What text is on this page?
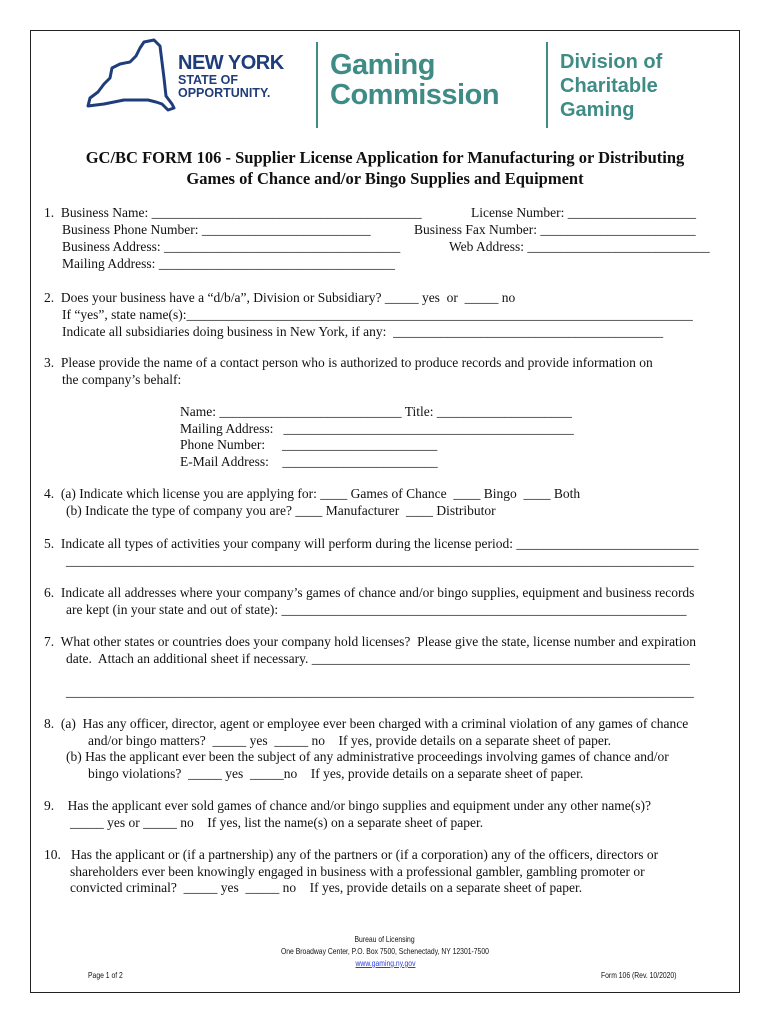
NEW YORK
STATE OF
OPPORTUNITY.
Gaming
Commission
Division of
Charitable
Gaming
GC/BC FORM 106 - Supplier License Application for Manufacturing or Distributing
Games of Chance and/or Bingo Supplies and Equipment
1.  Business Name: ________________________________________	License Number: ___________________
Business Phone Number: _________________________	Business Fax Number: _______________________
Business Address: ___________________________________	Web Address: ___________________________
Mailing Address: ___________________________________
2.  Does your business have a “d/b/a”, Division or Subsidiary? _____ yes  or  _____ no
If “yes”, state name(s):___________________________________________________________________________
Indicate all subsidiaries doing business in New York, if any:  ________________________________________
3.  Please provide the name of a contact person who is authorized to produce records and provide information on
the company’s behalf:
Name: ___________________________ Title: ____________________
Mailing Address:   ___________________________________________
Phone Number:     _______________________
E-Mail Address:    _______________________
4.  (a) Indicate which license you are applying for: ____ Games of Chance  ____ Bingo  ____ Both
(b) Indicate the type of company you are? ____ Manufacturer  ____ Distributor
5.  Indicate all types of activities your company will perform during the license period: ___________________________
_____________________________________________________________________________________________
6.  Indicate all addresses where your company’s games of chance and/or bingo supplies, equipment and business records
are kept (in your state and out of state): ____________________________________________________________
7.  What other states or countries does your company hold licenses?  Please give the state, license number and expiration
date.  Attach an additional sheet if necessary. ________________________________________________________
_____________________________________________________________________________________________
8.  (a)  Has any officer, director, agent or employee ever been charged with a criminal violation of any games of chance
and/or bingo matters?  _____ yes  _____ no    If yes, provide details on a separate sheet of paper.
(b) Has the applicant ever been the subject of any administrative proceedings involving games of chance and/or
bingo violations?  _____ yes  _____no    If yes, provide details on a separate sheet of paper.
9.    Has the applicant ever sold games of chance and/or bingo supplies and equipment under any other name(s)?
_____ yes or _____ no    If yes, list the name(s) on a separate sheet of paper.
10.   Has the applicant or (if a partnership) any of the partners or (if a corporation) any of the officers, directors or
shareholders ever been knowingly engaged in business with a professional gambler, gambling promoter or
convicted criminal?  _____ yes  _____ no    If yes, provide details on a separate sheet of paper.
Bureau of Licensing
One Broadway Center, P.O. Box 7500, Schenectady, NY 12301-7500
www.gaming.ny.gov
Page 1 of 2	Form 106 (Rev. 10/2020)
